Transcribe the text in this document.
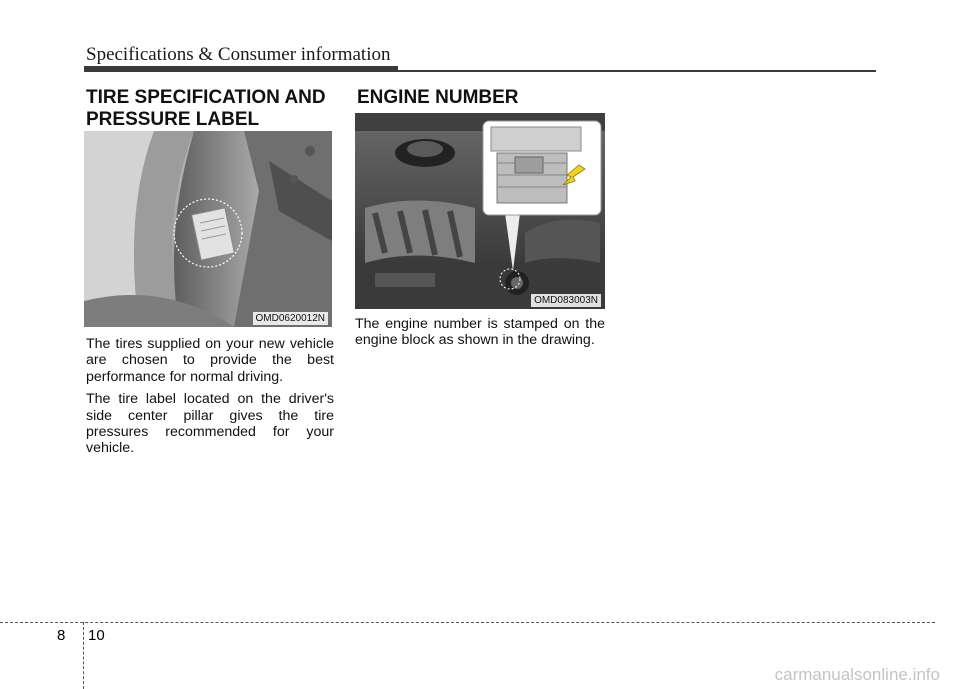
Specifications & Consumer information
TIRE SPECIFICATION AND PRESSURE LABEL
OMD0620012N

The tires supplied on your new vehicle are chosen to provide the best performance for normal driving.

The tire label located on the driver's side center pillar gives the tire pressures recommended for your vehicle.

ENGINE NUMBER
OMD083003N

The engine number is stamped on the engine block as shown in the drawing.

8 10
carmanualsonline.info
